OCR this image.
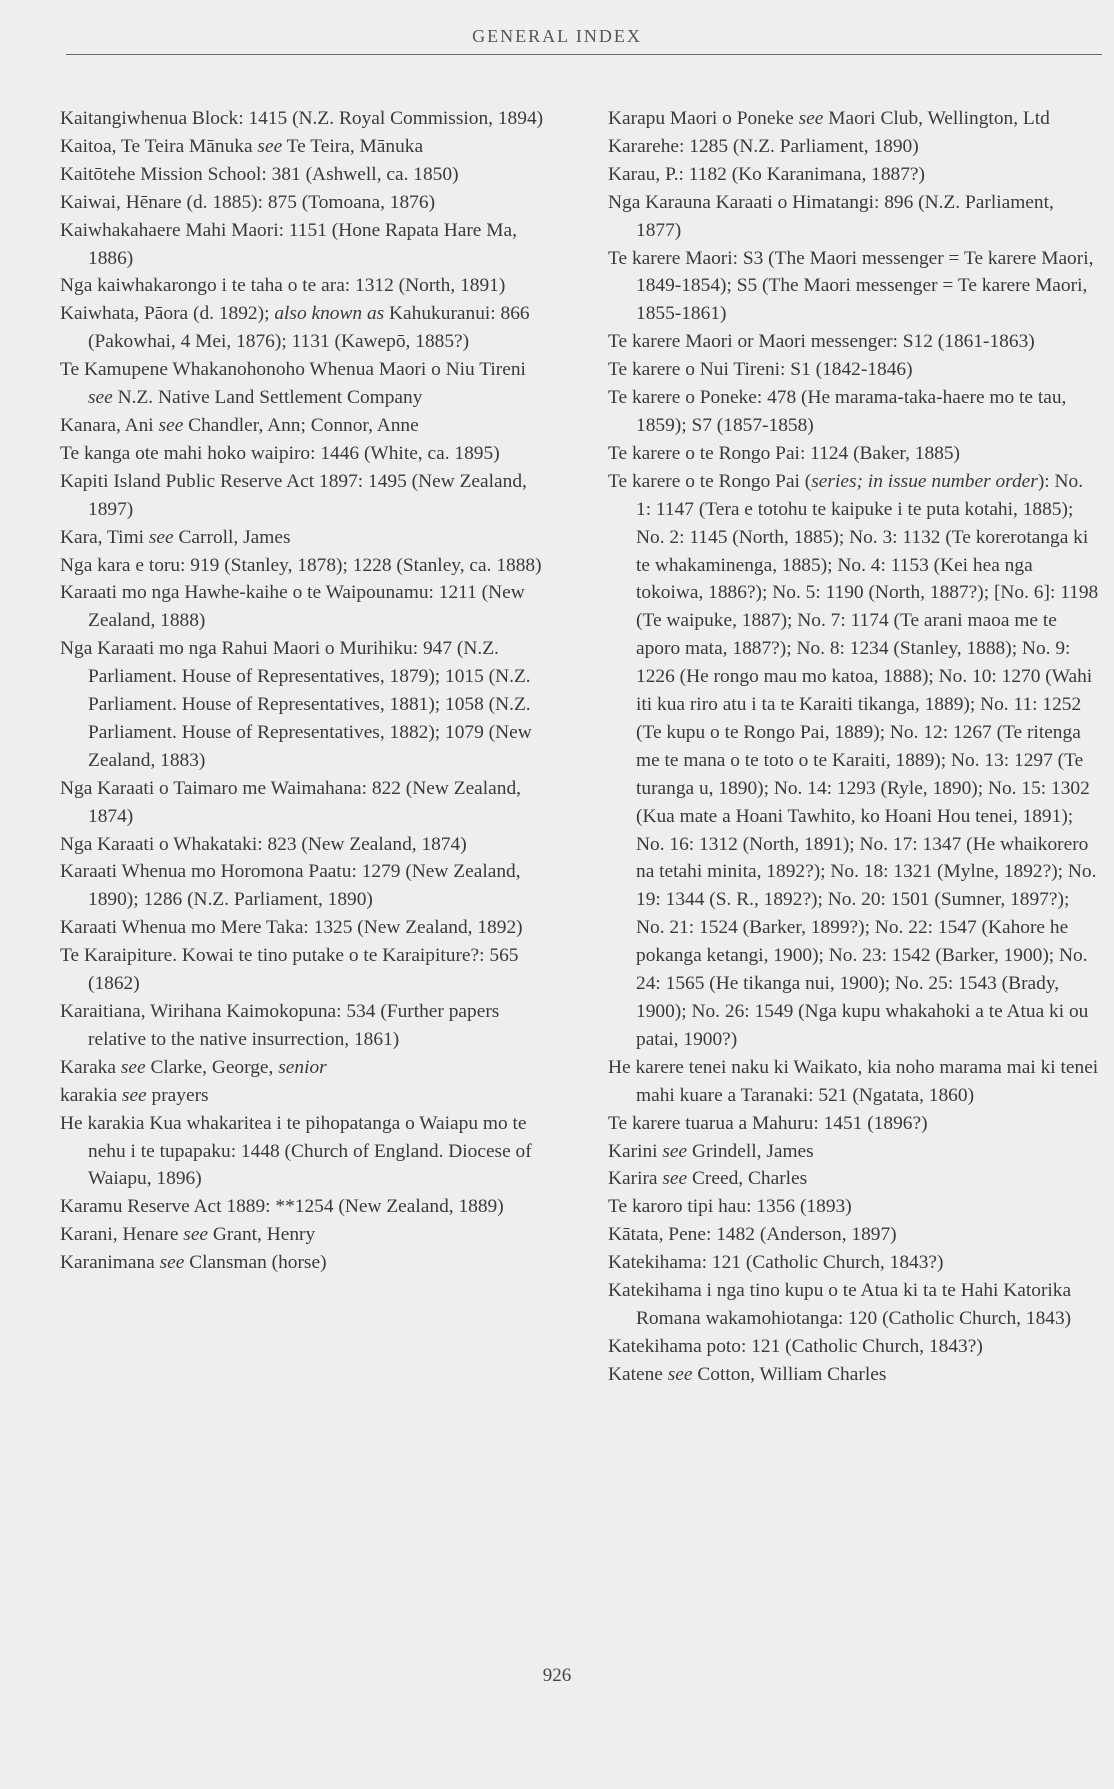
GENERAL INDEX

Kaitangiwhenua Block: 1415 (N.Z. Royal Commission, 1894)

Kaitoa, Te Teira Mānuka see Te Teira, Mānuka

Kaitōtehe Mission School: 381 (Ashwell, ca. 1850)

Kaiwai, Hēnare (d. 1885): 875 (Tomoana, 1876)

Kaiwhakahaere Mahi Maori: 1151 (Hone Rapata Hare Ma, 1886)

Nga kaiwhakarongo i te taha o te ara: 1312 (North, 1891)

Kaiwhata, Pāora (d. 1892); also known as Kahukuranui: 866 (Pakowhai, 4 Mei, 1876); 1131 (Kawepō, 1885?)

Te Kamupene Whakanohonoho Whenua Maori o Niu Tireni see N.Z. Native Land Settlement Company

Kanara, Ani see Chandler, Ann; Connor, Anne

Te kanga ote mahi hoko waipiro: 1446 (White, ca. 1895)

Kapiti Island Public Reserve Act 1897: 1495 (New Zealand, 1897)

Kara, Timi see Carroll, James

Nga kara e toru: 919 (Stanley, 1878); 1228 (Stanley, ca. 1888)

Karaati mo nga Hawhe-kaihe o te Waipounamu: 1211 (New Zealand, 1888)

Nga Karaati mo nga Rahui Maori o Murihiku: 947 (N.Z. Parliament. House of Representatives, 1879); 1015 (N.Z. Parliament. House of Representatives, 1881); 1058 (N.Z. Parliament. House of Representatives, 1882); 1079 (New Zealand, 1883)

Nga Karaati o Taimaro me Waimahana: 822 (New Zealand, 1874)

Nga Karaati o Whakataki: 823 (New Zealand, 1874)

Karaati Whenua mo Horomona Paatu: 1279 (New Zealand, 1890); 1286 (N.Z. Parliament, 1890)

Karaati Whenua mo Mere Taka: 1325 (New Zealand, 1892)

Te Karaipiture. Kowai te tino putake o te Karaipiture?: 565 (1862)

Karaitiana, Wirihana Kaimokopuna: 534 (Further papers relative to the native insurrection, 1861)

Karaka see Clarke, George, senior

karakia see prayers

He karakia Kua whakaritea i te pihopatanga o Waiapu mo te nehu i te tupapaku: 1448 (Church of England. Diocese of Waiapu, 1896)

Karamu Reserve Act 1889: **1254 (New Zealand, 1889)

Karani, Henare see Grant, Henry

Karanimana see Clansman (horse)

Karapu Maori o Poneke see Maori Club, Wellington, Ltd

Kararehe: 1285 (N.Z. Parliament, 1890)

Karau, P.: 1182 (Ko Karanimana, 1887?)

Nga Karauna Karaati o Himatangi: 896 (N.Z. Parliament, 1877)

Te karere Maori: S3 (The Maori messenger = Te karere Maori, 1849-1854); S5 (The Maori messenger = Te karere Maori, 1855-1861)

Te karere Maori or Maori messenger: S12 (1861-1863)

Te karere o Nui Tireni: S1 (1842-1846)

Te karere o Poneke: 478 (He marama-taka-haere mo te tau, 1859); S7 (1857-1858)

Te karere o te Rongo Pai: 1124 (Baker, 1885)

Te karere o te Rongo Pai (series; in issue number order): No. 1: 1147 (Tera e totohu te kaipuke i te puta kotahi, 1885); No. 2: 1145 (North, 1885); No. 3: 1132 (Te korerotanga ki te whakaminenga, 1885); No. 4: 1153 (Kei hea nga tokoiwa, 1886?); No. 5: 1190 (North, 1887?); [No. 6]: 1198 (Te waipuke, 1887); No. 7: 1174 (Te arani maoa me te aporo mata, 1887?); No. 8: 1234 (Stanley, 1888); No. 9: 1226 (He rongo mau mo katoa, 1888); No. 10: 1270 (Wahi iti kua riro atu i ta te Karaiti tikanga, 1889); No. 11: 1252 (Te kupu o te Rongo Pai, 1889); No. 12: 1267 (Te ritenga me te mana o te toto o te Karaiti, 1889); No. 13: 1297 (Te turanga u, 1890); No. 14: 1293 (Ryle, 1890); No. 15: 1302 (Kua mate a Hoani Tawhito, ko Hoani Hou tenei, 1891); No. 16: 1312 (North, 1891); No. 17: 1347 (He whaikorero na tetahi minita, 1892?); No. 18: 1321 (Mylne, 1892?); No. 19: 1344 (S. R., 1892?); No. 20: 1501 (Sumner, 1897?); No. 21: 1524 (Barker, 1899?); No. 22: 1547 (Kahore he pokanga ketangi, 1900); No. 23: 1542 (Barker, 1900); No. 24: 1565 (He tikanga nui, 1900); No. 25: 1543 (Brady, 1900); No. 26: 1549 (Nga kupu whakahoki a te Atua ki ou patai, 1900?)

He karere tenei naku ki Waikato, kia noho marama mai ki tenei mahi kuare a Taranaki: 521 (Ngatata, 1860)

Te karere tuarua a Mahuru: 1451 (1896?)

Karini see Grindell, James

Karira see Creed, Charles

Te karoro tipi hau: 1356 (1893)

Kātata, Pene: 1482 (Anderson, 1897)

Katekihama: 121 (Catholic Church, 1843?)

Katekihama i nga tino kupu o te Atua ki ta te Hahi Katorika Romana wakamohiotanga: 120 (Catholic Church, 1843)

Katekihama poto: 121 (Catholic Church, 1843?)

Katene see Cotton, William Charles

926
